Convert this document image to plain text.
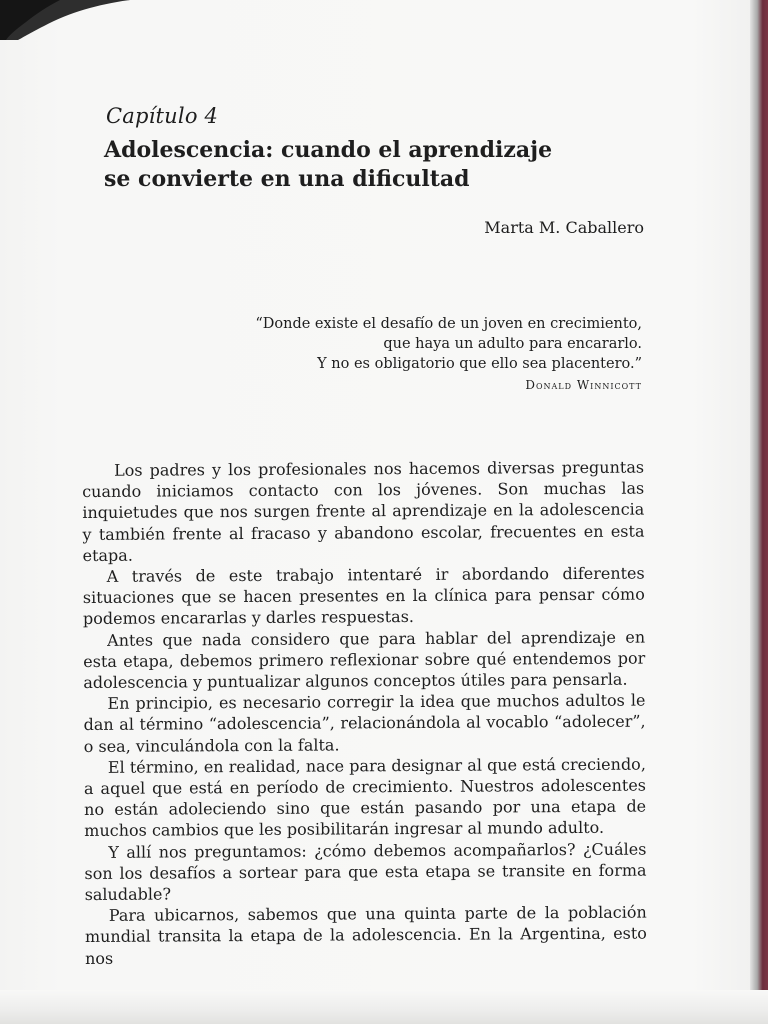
Capítulo 4
Adolescencia: cuando el aprendizaje
se convierte en una dificultad
Marta M. Caballero
“Donde existe el desafío de un joven en crecimiento,
que haya un adulto para encararlo.
Y no es obligatorio que ello sea placentero.”
Donald Winnicott

Los padres y los profesionales nos hacemos diversas preguntas cuando iniciamos contacto con los jóvenes. Son muchas las inquietudes que nos surgen frente al aprendizaje en la adolescencia y también frente al fracaso y abandono escolar, frecuentes en esta etapa.

A través de este trabajo intentaré ir abordando diferentes situaciones que se hacen presentes en la clínica para pensar cómo podemos encararlas y darles respuestas.

Antes que nada considero que para hablar del aprendizaje en esta etapa, debemos primero reflexionar sobre qué entendemos por adolescencia y puntualizar algunos conceptos útiles para pensarla.

En principio, es necesario corregir la idea que muchos adultos le dan al término “adolescencia”, relacionándola al vocablo “adolecer”, o sea, vinculándola con la falta.

El término, en realidad, nace para designar al que está creciendo, a aquel que está en período de crecimiento. Nuestros adolescentes no están adoleciendo sino que están pasando por una etapa de muchos cambios que les posibilitarán ingresar al mundo adulto.

Y allí nos preguntamos: ¿cómo debemos acompañarlos? ¿Cuáles son los desafíos a sortear para que esta etapa se transite en forma saludable?

Para ubicarnos, sabemos que una quinta parte de la población mundial transita la etapa de la adolescencia. En la Argentina, esto nos
